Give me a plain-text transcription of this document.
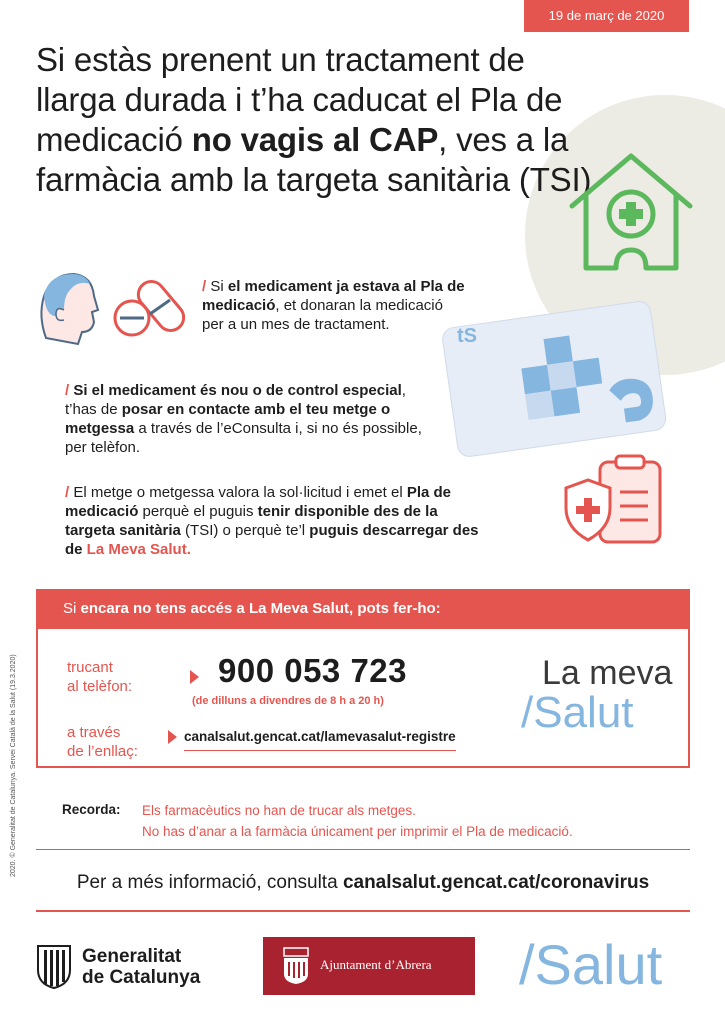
19 de març de 2020
Si estàs prenent un tractament de llarga durada i t’ha caducat el Pla de medicació no vagis al CAP, ves a la farmàcia amb la targeta sanitària (TSI)
/ Si el medicament ja estava al Pla de medicació, et donaran la medicació per a un mes de tractament.
tS
/ Si el medicament és nou o de control especial, t’has de posar en contacte amb el teu metge o metgessa a través de l’eConsulta i, si no és possible, per telèfon.
/ El metge o metgessa valora la sol·licitud i emet el Pla de medicació perquè el puguis tenir disponible des de la targeta sanitària (TSI) o perquè te’l puguis descarregar des de La Meva Salut.
Si encara no tens accés a La Meva Salut, pots fer-ho:
trucant
al telèfon:	900 053 723
(de dilluns a divendres de 8 h a 20 h)
a través
de l’enllaç:
canalsalut.gencat.cat/lamevasalut-registre
La meva
/Salut
Recorda: Els farmacèutics no han de trucar als metges.
No has d’anar a la farmàcia únicament per imprimir el Pla de medicació.
Per a més informació, consulta canalsalut.gencat.cat/coronavirus
2020. © Generalitat de Catalunya. Servei Català de la Salut (19.3.2020)
Generalitat
de Catalunya
Ajuntament d’Abrera /Salut
